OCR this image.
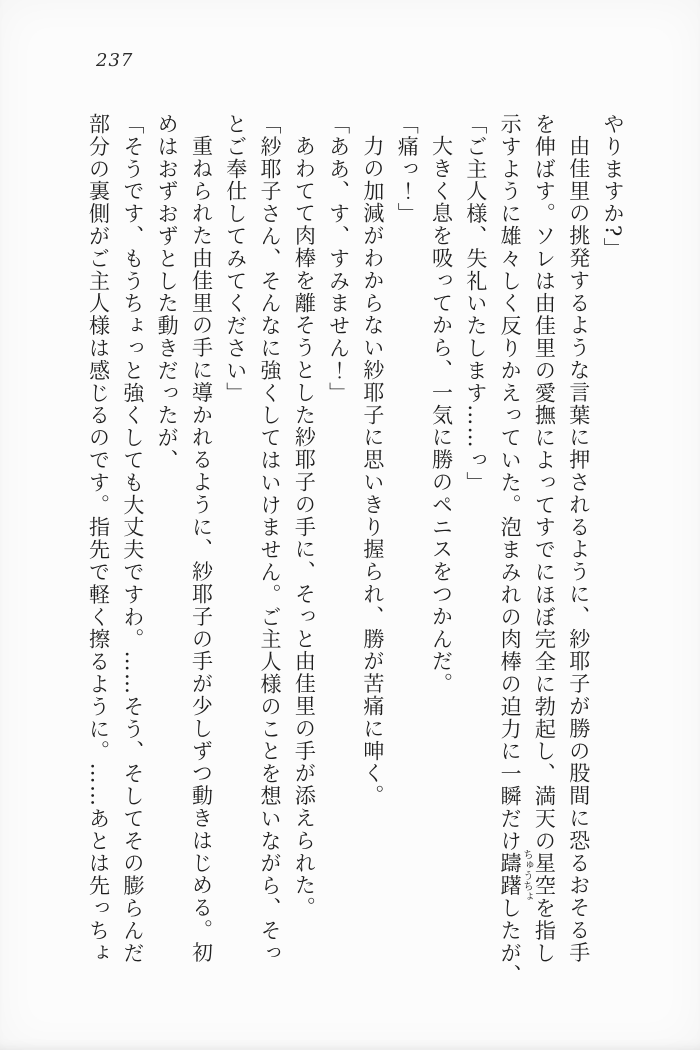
237
やりますか?」
由佳里の挑発するような言葉に押されるように、紗耶子が勝の股間に恐るおそる手
を伸ばす。ソレは由佳里の愛撫によってすでにほぼ完全に勃起し、満天の星空を指し
示すように雄々しく反りかえっていた。泡まみれの肉棒の迫力に一瞬だけ躊躇したが、
「ご主人様、失礼いたします……っ」
大きく息を吸ってから、一気に勝のペニスをつかんだ。
「痛っ！」
力の加減がわからない紗耶子に思いきり握られ、勝が苦痛に呻く。
「ああ、す、すみません！」
あわてて肉棒を離そうとした紗耶子の手に、そっと由佳里の手が添えられた。
「紗耶子さん、そんなに強くしてはいけません。ご主人様のことを想いながら、そっ
とご奉仕してみてください」
重ねられた由佳里の手に導かれるように、紗耶子の手が少しずつ動きはじめる。初
めはおずおずとした動きだったが、
「そうです、もうちょっと強くしても大丈夫ですわ。……そう、そしてその膨らんだ
部分の裏側がご主人様は感じるのです。指先で軽く擦るように。……あとは先っちょ	ちゅうちょ
